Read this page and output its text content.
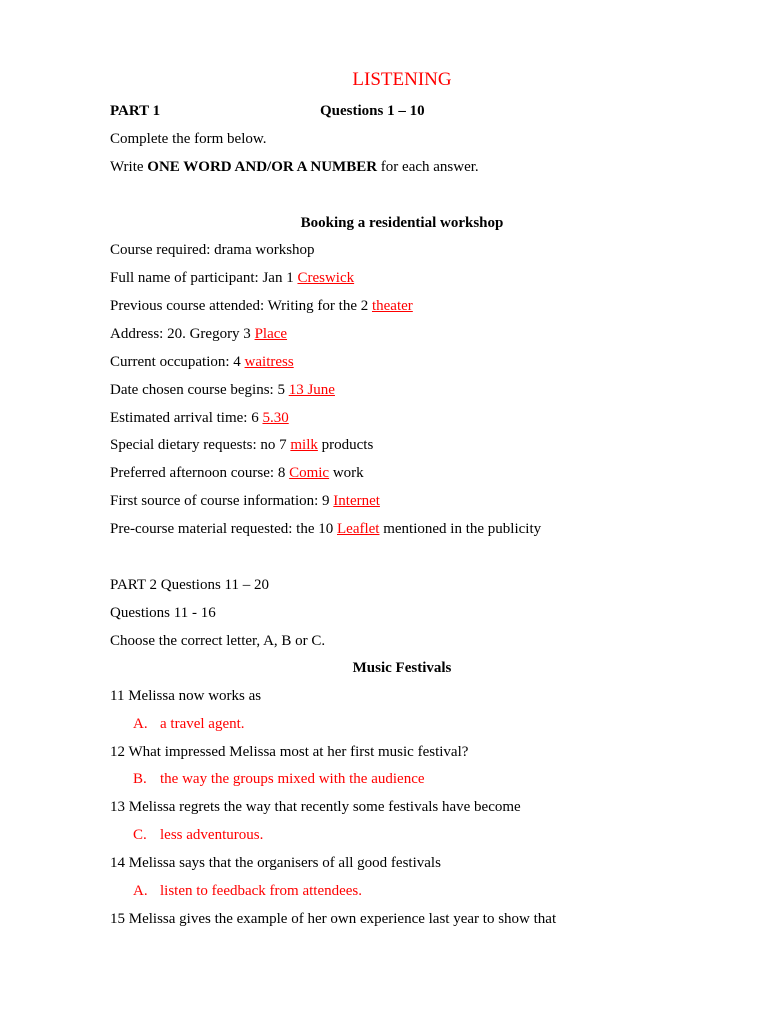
LISTENING
PART 1	Questions 1 – 10
Complete the form below.
Write ONE WORD AND/OR A NUMBER for each answer.
Booking a residential workshop
Course required: drama workshop
Full name of participant: Jan 1 Creswick
Previous course attended: Writing for the 2 theater
Address: 20. Gregory 3 Place
Current occupation: 4 waitress
Date chosen course begins: 5 13 June
Estimated arrival time: 6 5.30
Special dietary requests: no 7 milk products
Preferred afternoon course: 8 Comic work
First source of course information: 9 Internet
Pre-course material requested: the 10 Leaflet mentioned in the publicity
PART 2 Questions 11 – 20
Questions 11 - 16
Choose the correct letter, A, B or C.
Music Festivals
11 Melissa now works as
A. a travel agent.
12 What impressed Melissa most at her first music festival?
B. the way the groups mixed with the audience
13 Melissa regrets the way that recently some festivals have become
C. less adventurous.
14 Melissa says that the organisers of all good festivals
A. listen to feedback from attendees.
15 Melissa gives the example of her own experience last year to show that
